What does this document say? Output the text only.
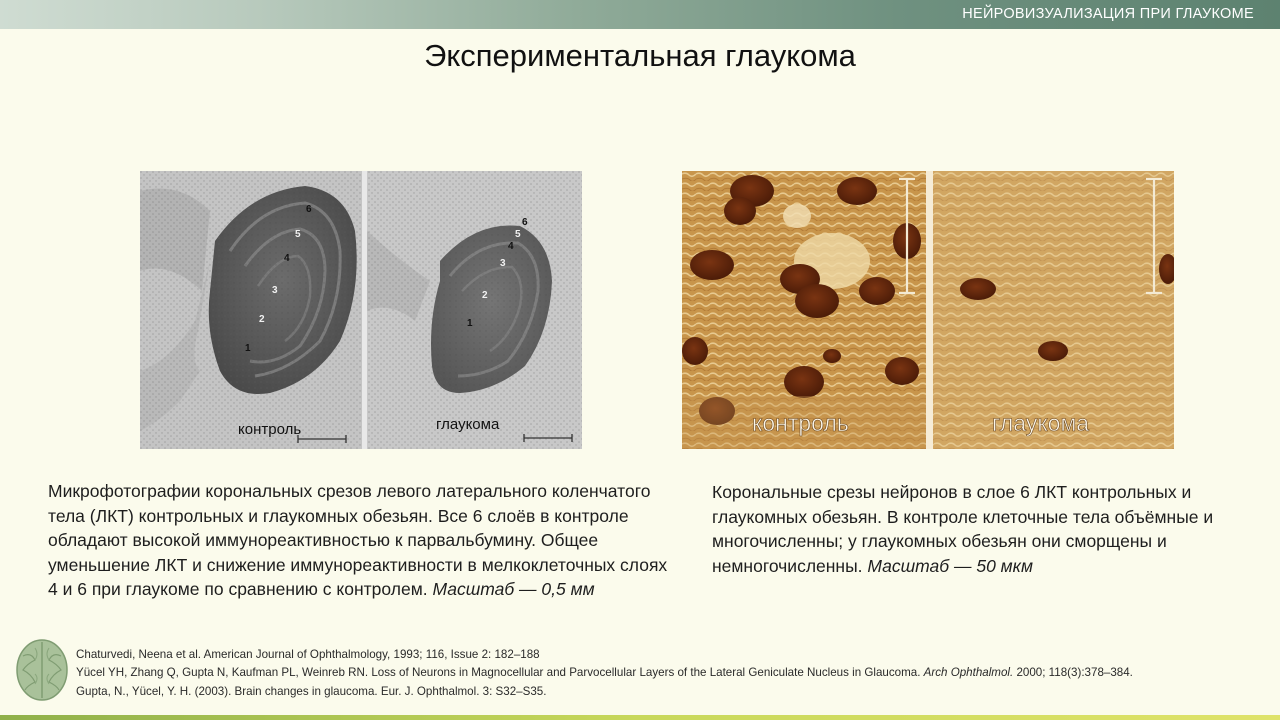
НЕЙРОВИЗУАЛИЗАЦИЯ ПРИ ГЛАУКОМЕ
Экспериментальная глаукома
6
5
4
3
2
1
6
5
4
3
2
1
контроль	глаукома	контроль	глаукома
Микрофотографии корональных срезов левого латерального коленчатого тела (ЛКТ) контрольных и глаукомных обезьян. Все 6 слоёв в контроле обладают высокой иммунореактивностью к парвальбумину. Общее уменьшение ЛКТ и снижение иммунореактивности в мелкоклеточных слоях 4 и 6 при глаукоме по сравнению с контролем. Масштаб — 0,5 мм
Корональные срезы нейронов в слое 6 ЛКТ контрольных и глаукомных обезьян. В контроле клеточные тела объёмные и многочисленны; у глаукомных обезьян они сморщены и немногочисленны. Масштаб — 50 мкм
Chaturvedi, Neena et al. American Journal of Ophthalmology, 1993; 116, Issue 2: 182–188
Yücel YH, Zhang Q, Gupta N, Kaufman PL, Weinreb RN. Loss of Neurons in Magnocellular and Parvocellular Layers of the Lateral Geniculate Nucleus in Glaucoma. Arch Ophthalmol. 2000; 118(3):378–384.
Gupta, N., Yücel, Y. H. (2003). Brain changes in glaucoma. Eur. J. Ophthalmol. 3: S32–S35.
